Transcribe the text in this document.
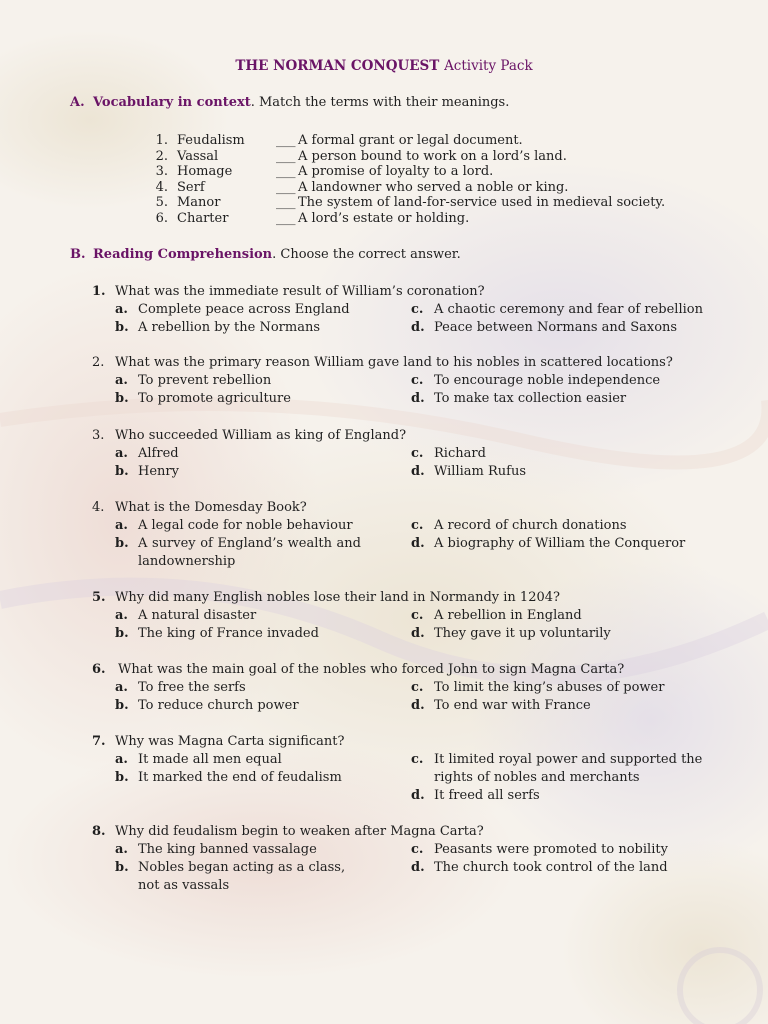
THE NORMAN CONQUEST Activity Pack
A. Vocabulary in context. Match the terms with their meanings.
1. Feudalism ___ A formal grant or legal document.
2. Vassal	___ A person bound to work on a lord’s land.
3. Homage	___ A promise of loyalty to a lord.
4. Serf	___ A landowner who served a noble or king.
5. Manor	___ The system of land-for-service used in medieval society.
6. Charter	___ A lord’s estate or holding.
B. Reading Comprehension. Choose the correct answer.
1. What was the immediate result of William’s coronation?
a. Complete peace across England
b. A rebellion by the Normans
c. A chaotic ceremony and fear of rebellion
d. Peace between Normans and Saxons
2. What was the primary reason William gave land to his nobles in scattered locations?
a. To prevent rebellion
b. To promote agriculture
c. To encourage noble independence
d. To make tax collection easier
3. Who succeeded William as king of England?
a. Alfred
b. Henry
c. Richard
d. William Rufus
4. What is the Domesday Book?
a. A legal code for noble behaviour
b. A survey of England’s wealth and landownership
c. A record of church donations
d. A biography of William the Conqueror
5. Why did many English nobles lose their land in Normandy in 1204?
a. A natural disaster
b. The king of France invaded
c. A rebellion in England
d. They gave it up voluntarily
6. What was the main goal of the nobles who forced John to sign Magna Carta?
a. To free the serfs
b. To reduce church power
c. To limit the king’s abuses of power
d. To end war with France
7. Why was Magna Carta significant?
a. It made all men equal
b. It marked the end of feudalism
c. It limited royal power and supported the rights of nobles and merchants
d. It freed all serfs
8. Why did feudalism begin to weaken after Magna Carta?
a. The king banned vassalage
b. Nobles began acting as a class, not as vassals
c. Peasants were promoted to nobility
d. The church took control of the land
